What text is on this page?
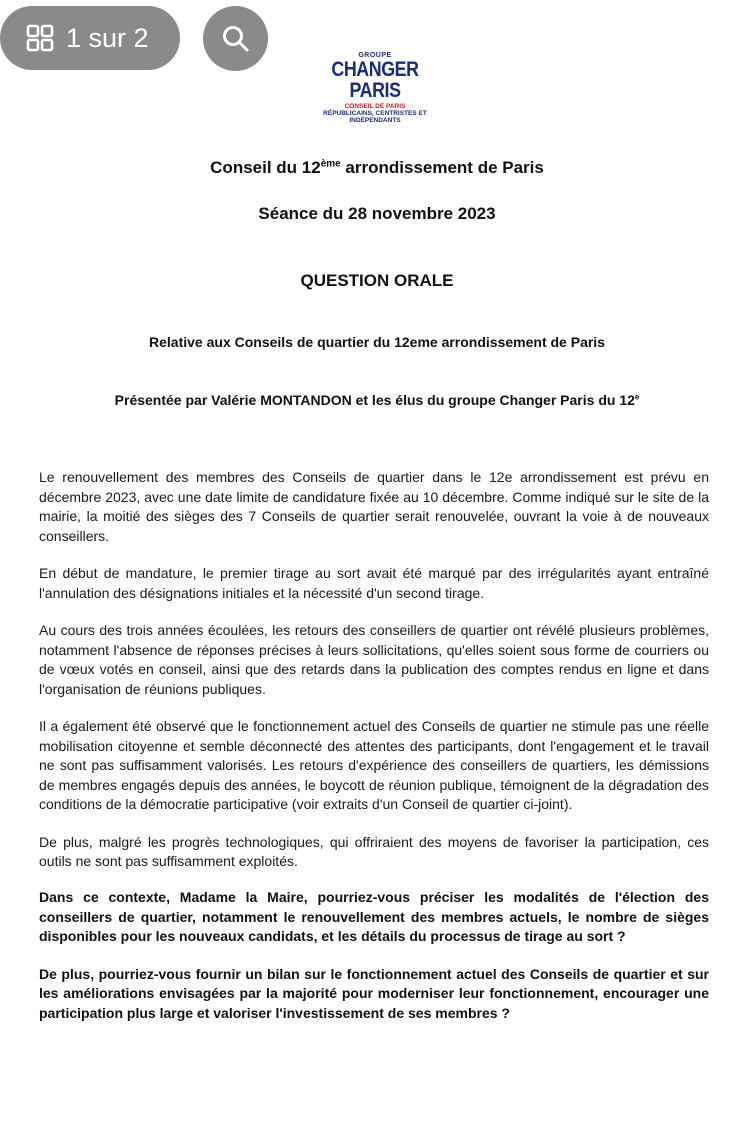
1 sur 2
GROUPE
CHANGER
PARIS
CONSEIL DE PARIS
RÉPUBLICAINS, CENTRISTES ET INDÉPENDANTS
Conseil du 12ème arrondissement de Paris
Séance du 28 novembre 2023
QUESTION ORALE
Relative aux Conseils de quartier du 12eme arrondissement de Paris
Présentée par Valérie MONTANDON et les élus du groupe Changer Paris du 12e

Le renouvellement des membres des Conseils de quartier dans le 12e arrondissement est prévu en décembre 2023, avec une date limite de candidature fixée au 10 décembre. Comme indiqué sur le site de la mairie, la moitié des sièges des 7 Conseils de quartier serait renouvelée, ouvrant la voie à de nouveaux conseillers.

En début de mandature, le premier tirage au sort avait été marqué par des irrégularités ayant entraîné l'annulation des désignations initiales et la nécessité d'un second tirage.

Au cours des trois années écoulées, les retours des conseillers de quartier ont révélé plusieurs problèmes, notamment l'absence de réponses précises à leurs sollicitations, qu'elles soient sous forme de courriers ou de vœux votés en conseil, ainsi que des retards dans la publication des comptes rendus en ligne et dans l'organisation de réunions publiques.

Il a également été observé que le fonctionnement actuel des Conseils de quartier ne stimule pas une réelle mobilisation citoyenne et semble déconnecté des attentes des participants, dont l'engagement et le travail ne sont pas suffisamment valorisés. Les retours d'expérience des conseillers de quartiers, les démissions de membres engagés depuis des années, le boycott de réunion publique, témoignent de la dégradation des conditions de la démocratie participative (voir extraits d'un Conseil de quartier ci-joint).

De plus, malgré les progrès technologiques, qui offriraient des moyens de favoriser la participation, ces outils ne sont pas suffisamment exploités.

Dans ce contexte, Madame la Maire, pourriez-vous préciser les modalités de l'élection des conseillers de quartier, notamment le renouvellement des membres actuels, le nombre de sièges disponibles pour les nouveaux candidats, et les détails du processus de tirage au sort ?

De plus, pourriez-vous fournir un bilan sur le fonctionnement actuel des Conseils de quartier et sur les améliorations envisagées par la majorité pour moderniser leur fonctionnement, encourager une participation plus large et valoriser l'investissement de ses membres ?
